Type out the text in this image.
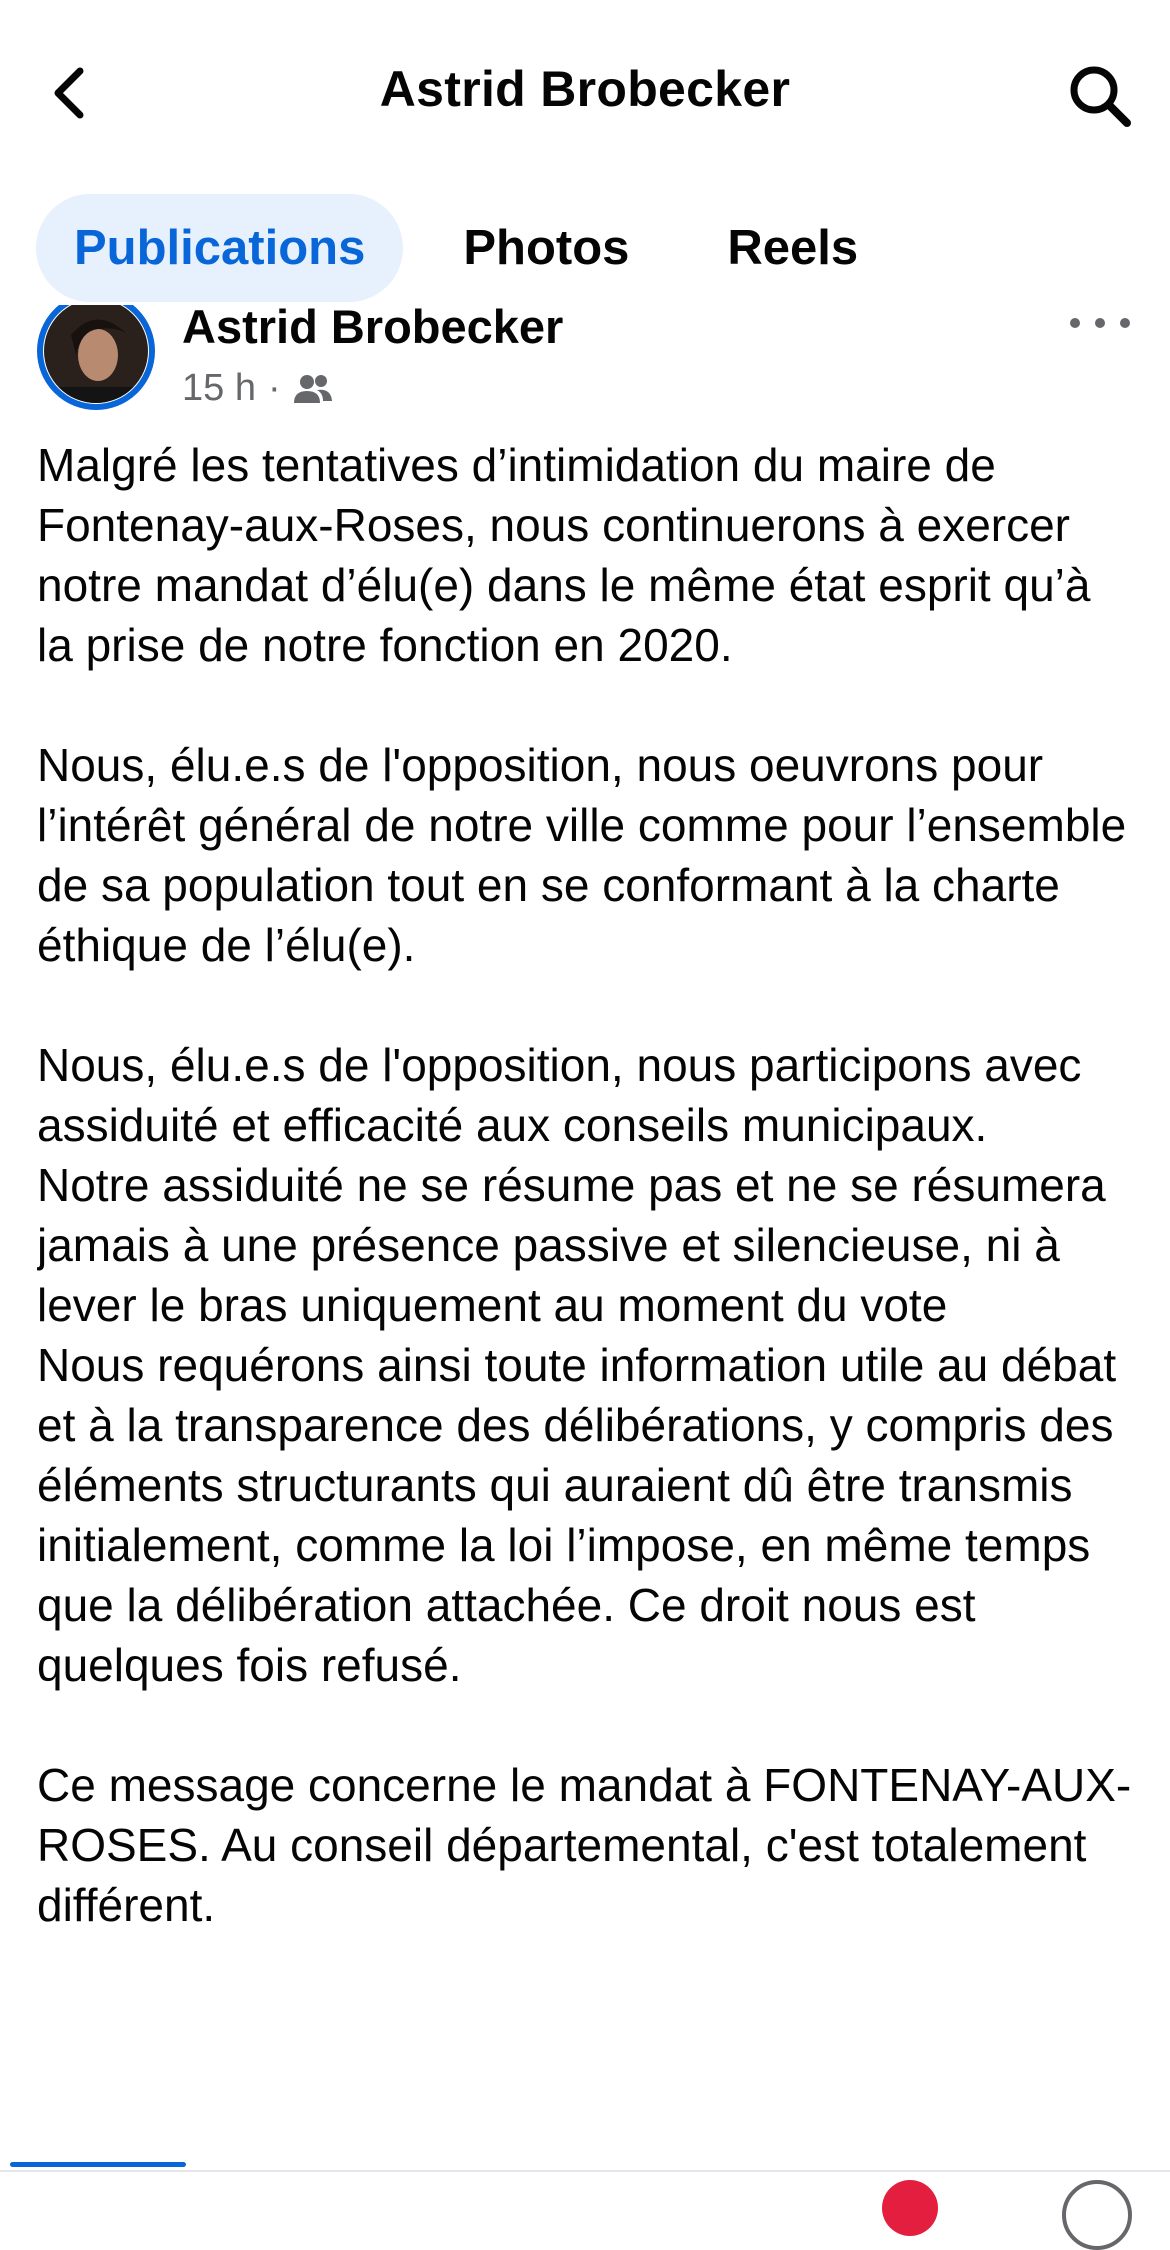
Astrid Brobecker
Publications	Photos	Reels
Astrid Brobecker
15 h ·

Malgré les tentatives d’intimidation du maire de Fontenay-aux-Roses, nous continuerons à exercer notre mandat d’élu(e) dans le même état esprit qu’à la prise de notre fonction en 2020.

Nous, élu.e.s de l'opposition, nous oeuvrons pour l’intérêt général de notre ville comme pour l’ensemble de sa population tout en se conformant à la charte éthique de l’élu(e).

Nous, élu.e.s de l'opposition, nous participons avec assiduité et efficacité aux conseils municipaux.
Notre assiduité ne se résume pas et ne se résumera jamais à une présence passive et silencieuse, ni à lever le bras uniquement au moment du vote
Nous requérons ainsi toute information utile au débat et à la transparence des délibérations, y compris des éléments structurants qui auraient dû être transmis initialement, comme la loi l’impose, en même temps que la délibération attachée. Ce droit nous est quelques fois refusé.

Ce message concerne le mandat à FONTENAY-AUX-ROSES. Au conseil départemental, c'est totalement différent.
